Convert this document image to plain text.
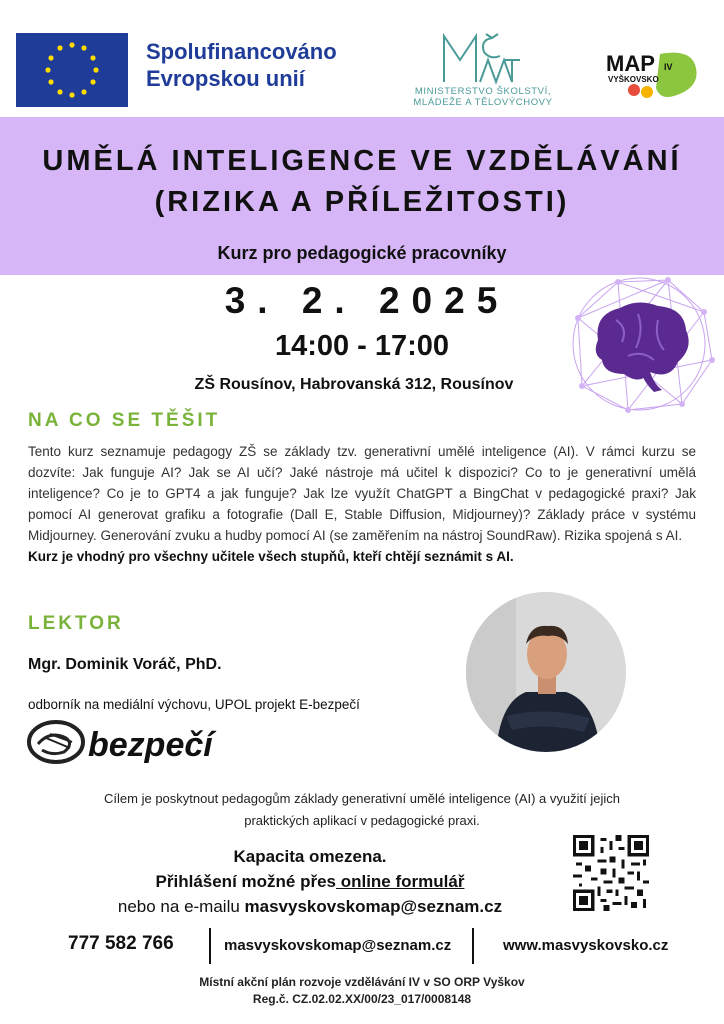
Spolufinancováno
Evropskou unií
MINISTERSTVO ŠKOLSTVÍ,
MLÁDEŽE A TĚLOVÝCHOVY
MAP
VYŠKOVSKO
IV
UMĚLÁ INTELIGENCE VE VZDĚLÁVÁNÍ
(RIZIKA A PŘÍLEŽITOSTI)
Kurz pro pedagogické pracovníky
3. 2. 2025
14:00 - 17:00
ZŠ Rousínov, Habrovanská 312, Rousínov
NA CO SE TĚŠIT

Tento kurz seznamuje pedagogy ZŠ se základy tzv. generativní umělé inteligence (AI). V rámci kurzu se dozvíte: Jak funguje AI? Jak se AI učí? Jaké nástroje má učitel k dispozici? Co to je generativní umělá inteligence? Co je to GPT4 a jak funguje? Jak lze využít ChatGPT a BingChat v pedagogické praxi? Jak pomocí AI generovat grafiku a fotografie (Dall E, Stable Diffusion, Midjourney)? Základy práce v systému Midjourney. Generování zvuku a hudby pomocí AI (se zaměřením na nástroj SoundRaw). Rizika spojená s AI.

Kurz je vhodný pro všechny učitele všech stupňů, kteří chtějí seznámit s AI.

LEKTOR
Mgr. Dominik Voráč, PhD.
odborník na mediální výchovu, UPOL projekt E-bezpečí
bezpečí
Cílem je poskytnout pedagogům základy generativní umělé inteligence (AI) a využití jejich
praktických aplikací v pedagogické praxi.
Kapacita omezena.
Přihlášení možné přes online formulář
nebo na e-mailu masvyskovskomap@seznam.cz
777 582 766	masvyskovskomap@seznam.cz	www.masvyskovsko.cz
Místní akční plán rozvoje vzdělávání IV v SO ORP Vyškov
Reg.č. CZ.02.02.XX/00/23_017/0008148
